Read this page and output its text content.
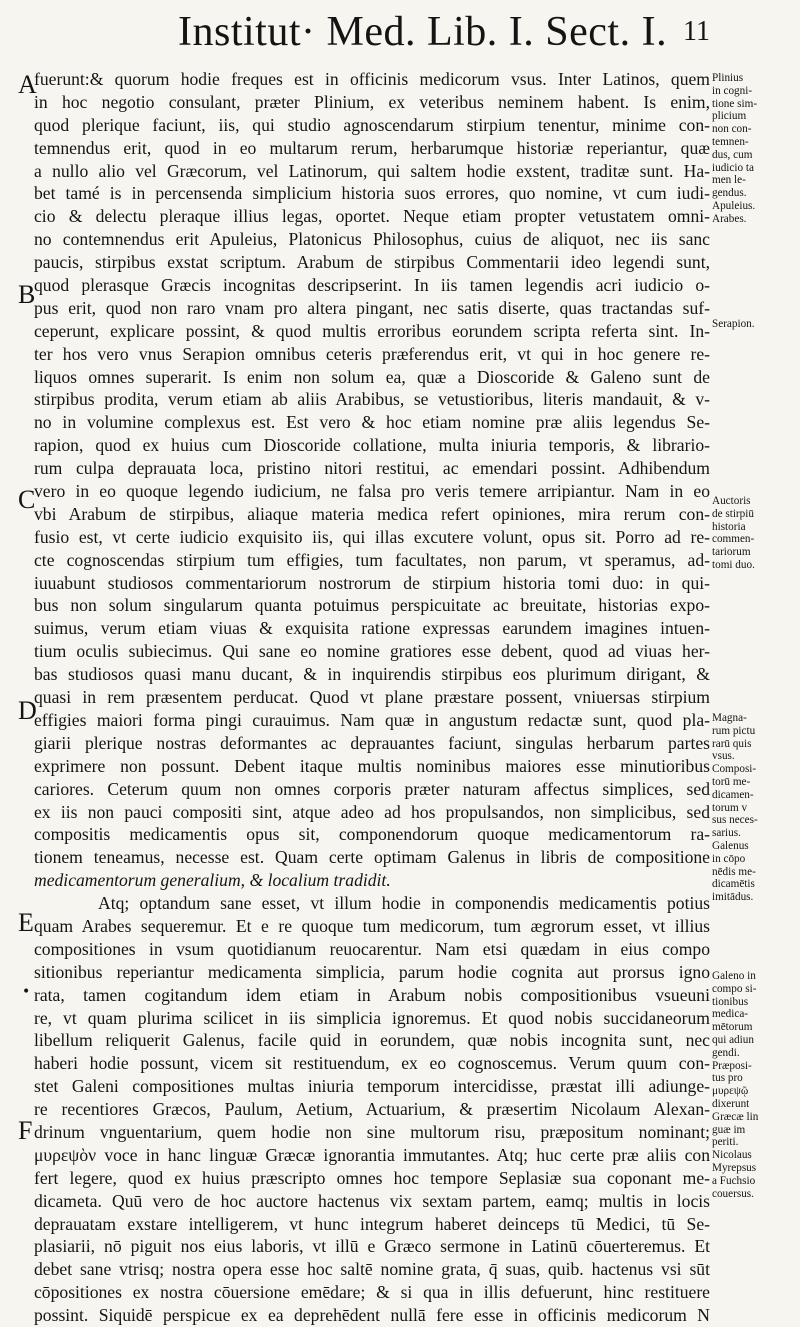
Institut· Med. Lib. I. Sect. I. 11
A
B
C
D
E
F
•
fuerunt:& quorum hodie freques est in officinis medicorum vsus. Inter Latinos, quem
in hoc negotio consulant, præter Plinium, ex veteribus neminem habent. Is enim,
quod plerique faciunt, iis, qui studio agnoscendarum stirpium tenentur, minime con-
temnendus erit, quod in eo multarum rerum, herbarumque historiæ reperiantur, quæ
a nullo alio vel Græcorum, vel Latinorum, qui saltem hodie exstent, traditæ sunt. Ha-
bet tamé is in percensenda simplicium historia suos errores, quo nomine, vt cum iudi-
cio & delectu pleraque illius legas, oportet. Neque etiam propter vetustatem omni-
no contemnendus erit Apuleius, Platonicus Philosophus, cuius de aliquot, nec iis sanc
paucis, stirpibus exstat scriptum. Arabum de stirpibus Commentarii ideo legendi sunt,
quod plerasque Græcis incognitas descripserint. In iis tamen legendis acri iudicio o-
pus erit, quod non raro vnam pro altera pingant, nec satis diserte, quas tractandas suf-
ceperunt, explicare possint, & quod multis erroribus eorundem scripta referta sint. In-
ter hos vero vnus Serapion omnibus ceteris præferendus erit, vt qui in hoc genere re-
liquos omnes superarit. Is enim non solum ea, quæ a Dioscoride & Galeno sunt de
stirpibus prodita, verum etiam ab aliis Arabibus, se vetustioribus, literis mandauit, & v-
no in volumine complexus est. Est vero & hoc etiam nomine præ aliis legendus Se-
rapion, quod ex huius cum Dioscoride collatione, multa iniuria temporis, & librario-
rum culpa deprauata loca, pristino nitori restitui, ac emendari possint. Adhibendum
vero in eo quoque legendo iudicium, ne falsa pro veris temere arripiantur. Nam in eo
vbi Arabum de stirpibus, aliaque materia medica refert opiniones, mira rerum con-
fusio est, vt certe iudicio exquisito iis, qui illas excutere volunt, opus sit. Porro ad re-
cte cognoscendas stirpium tum effigies, tum facultates, non parum, vt speramus, ad-
iuuabunt studiosos commentariorum nostrorum de stirpium historia tomi duo: in qui-
bus non solum singularum quanta potuimus perspicuitate ac breuitate, historias expo-
suimus, verum etiam viuas & exquisita ratione expressas earundem imagines intuen-
tium oculis subiecimus. Qui sane eo nomine gratiores esse debent, quod ad viuas her-
bas studiosos quasi manu ducant, & in inquirendis stirpibus eos plurimum dirigant, &
quasi in rem præsentem perducat. Quod vt plane præstare possent, vniuersas stirpium
effigies maiori forma pingi curauimus. Nam quæ in angustum redactæ sunt, quod pla-
giarii plerique nostras deformantes ac deprauantes faciunt, singulas herbarum partes
exprimere non possunt. Debent itaque multis nominibus maiores esse minutioribus
cariores. Ceterum quum non omnes corporis præter naturam affectus simplices, sed
ex iis non pauci compositi sint, atque adeo ad hos propulsandos, non simplicibus, sed
compositis medicamentis opus sit, componendorum quoque medicamentorum ra-
tionem teneamus, necesse est. Quam certe optimam Galenus in libris de compositione
medicamentorum generalium, & localium tradidit.
Atq; optandum sane esset, vt illum hodie in componendis medicamentis potius
quam Arabes sequeremur. Et e re quoque tum medicorum, tum ægrorum esset, vt illius
compositiones in vsum quotidianum reuocarentur. Nam etsi quædam in eius compo
sitionibus reperiantur medicamenta simplicia, parum hodie cognita aut prorsus igno
rata, tamen cogitandum idem etiam in Arabum nobis compositionibus vsueuni
re, vt quam plurima scilicet in iis simplicia ignoremus. Et quod nobis succidaneorum
libellum reliquerit Galenus, facile quid in eorundem, quæ nobis incognita sunt, nec
haberi hodie possunt, vicem sit restituendum, ex eo cognoscemus. Verum quum con-
stet Galeni compositiones multas iniuria temporum intercidisse, præstat illi adiunge-
re recentiores Græcos, Paulum, Aetium, Actuarium, & præsertim Nicolaum Alexan-
drinum vnguentarium, quem hodie non sine multorum risu, præpositum nominant;
μυρεψὸν voce in hanc linguæ Græcæ ignorantia immutantes. Atq; huc certe præ aliis con
fert legere, quod ex huius præscripto omnes hoc tempore Seplasiæ sua coponant me-
dicameta. Quū vero de hoc auctore hactenus vix sextam partem, eamq; multis in locis
deprauatam exstare intelligerem, vt hunc integrum haberet deinceps tū Medici, tū Se-
plasiarii, nō piguit nos eius laboris, vt illū e Græco sermone in Latinū cōuerteremus. Et
debet sane vtrisq; nostra opera esse hoc saltē nomine grata, q̄ suas, quib. hactenus vsi sūt
cōpositiones ex nostra cōuersione emēdare; & si qua in illis defuerunt, hinc restituere
possint. Siquidē perspicue ex ea deprehēdent nullā fere esse in officinis medicorum N
Plinius
in cogni-
tione sim-
plicium
non con-
temnen-
dus, cum
iudicio ta
men le-
gendus.
Apuleius.
Arabes.
Serapion.
Auctoris
de stirpiū
historia
commen-
tariorum
tomi duo.
Magna-
rum pictu
rarū quis
vsus.
Composi-
torū me-
dicamen-
torum v
sus neces-
sarius.
Galenus
in cōpo
nēdis me-
dicamētis
imitādus.
Galeno in
compo si-
tionibus
medica-
mētorum
qui adiun
gendi.
Præposi-
tus pro
μυρεψῷ
dixerunt
Græcæ lin
guæ im
periti.
Nicolaus
Myrepsus
a Fuchsio
couersus.
